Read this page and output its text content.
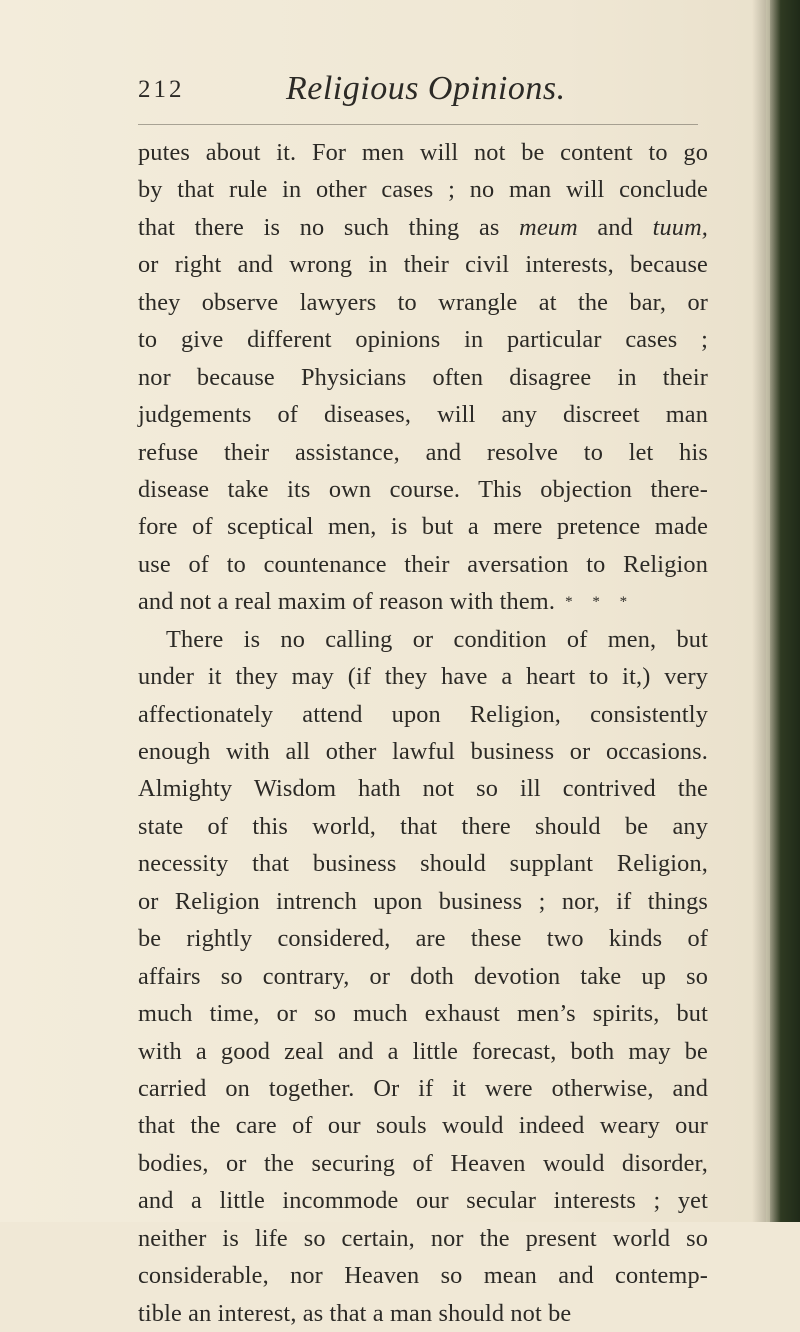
212	Religious Opinions.
putes about it. For men will not be content to go
by that rule in other cases ; no man will conclude
that there is no such thing as meum and tuum,
or right and wrong in their civil interests, because
they observe lawyers to wrangle at the bar, or
to give different opinions in particular cases ;
nor because Physicians often disagree in their
judgements of diseases, will any discreet man
refuse their assistance, and resolve to let his
disease take its own course. This objection there-
fore of sceptical men, is but a mere pretence made
use of to countenance their aversation to Religion
and not a real maxim of reason with them. * * *
There is no calling or condition of men, but
under it they may (if they have a heart to it,) very
affectionately attend upon Religion, consistently
enough with all other lawful business or occasions.
Almighty Wisdom hath not so ill contrived the
state of this world, that there should be any
necessity that business should supplant Religion,
or Religion intrench upon business ; nor, if things
be rightly considered, are these two kinds of
affairs so contrary, or doth devotion take up so
much time, or so much exhaust men’s spirits, but
with a good zeal and a little forecast, both may be
carried on together. Or if it were otherwise, and
that the care of our souls would indeed weary our
bodies, or the securing of Heaven would disorder,
and a little incommode our secular interests ; yet
neither is life so certain, nor the present world so
considerable, nor Heaven so mean and contemp-
tible an interest, as that a man should not be
